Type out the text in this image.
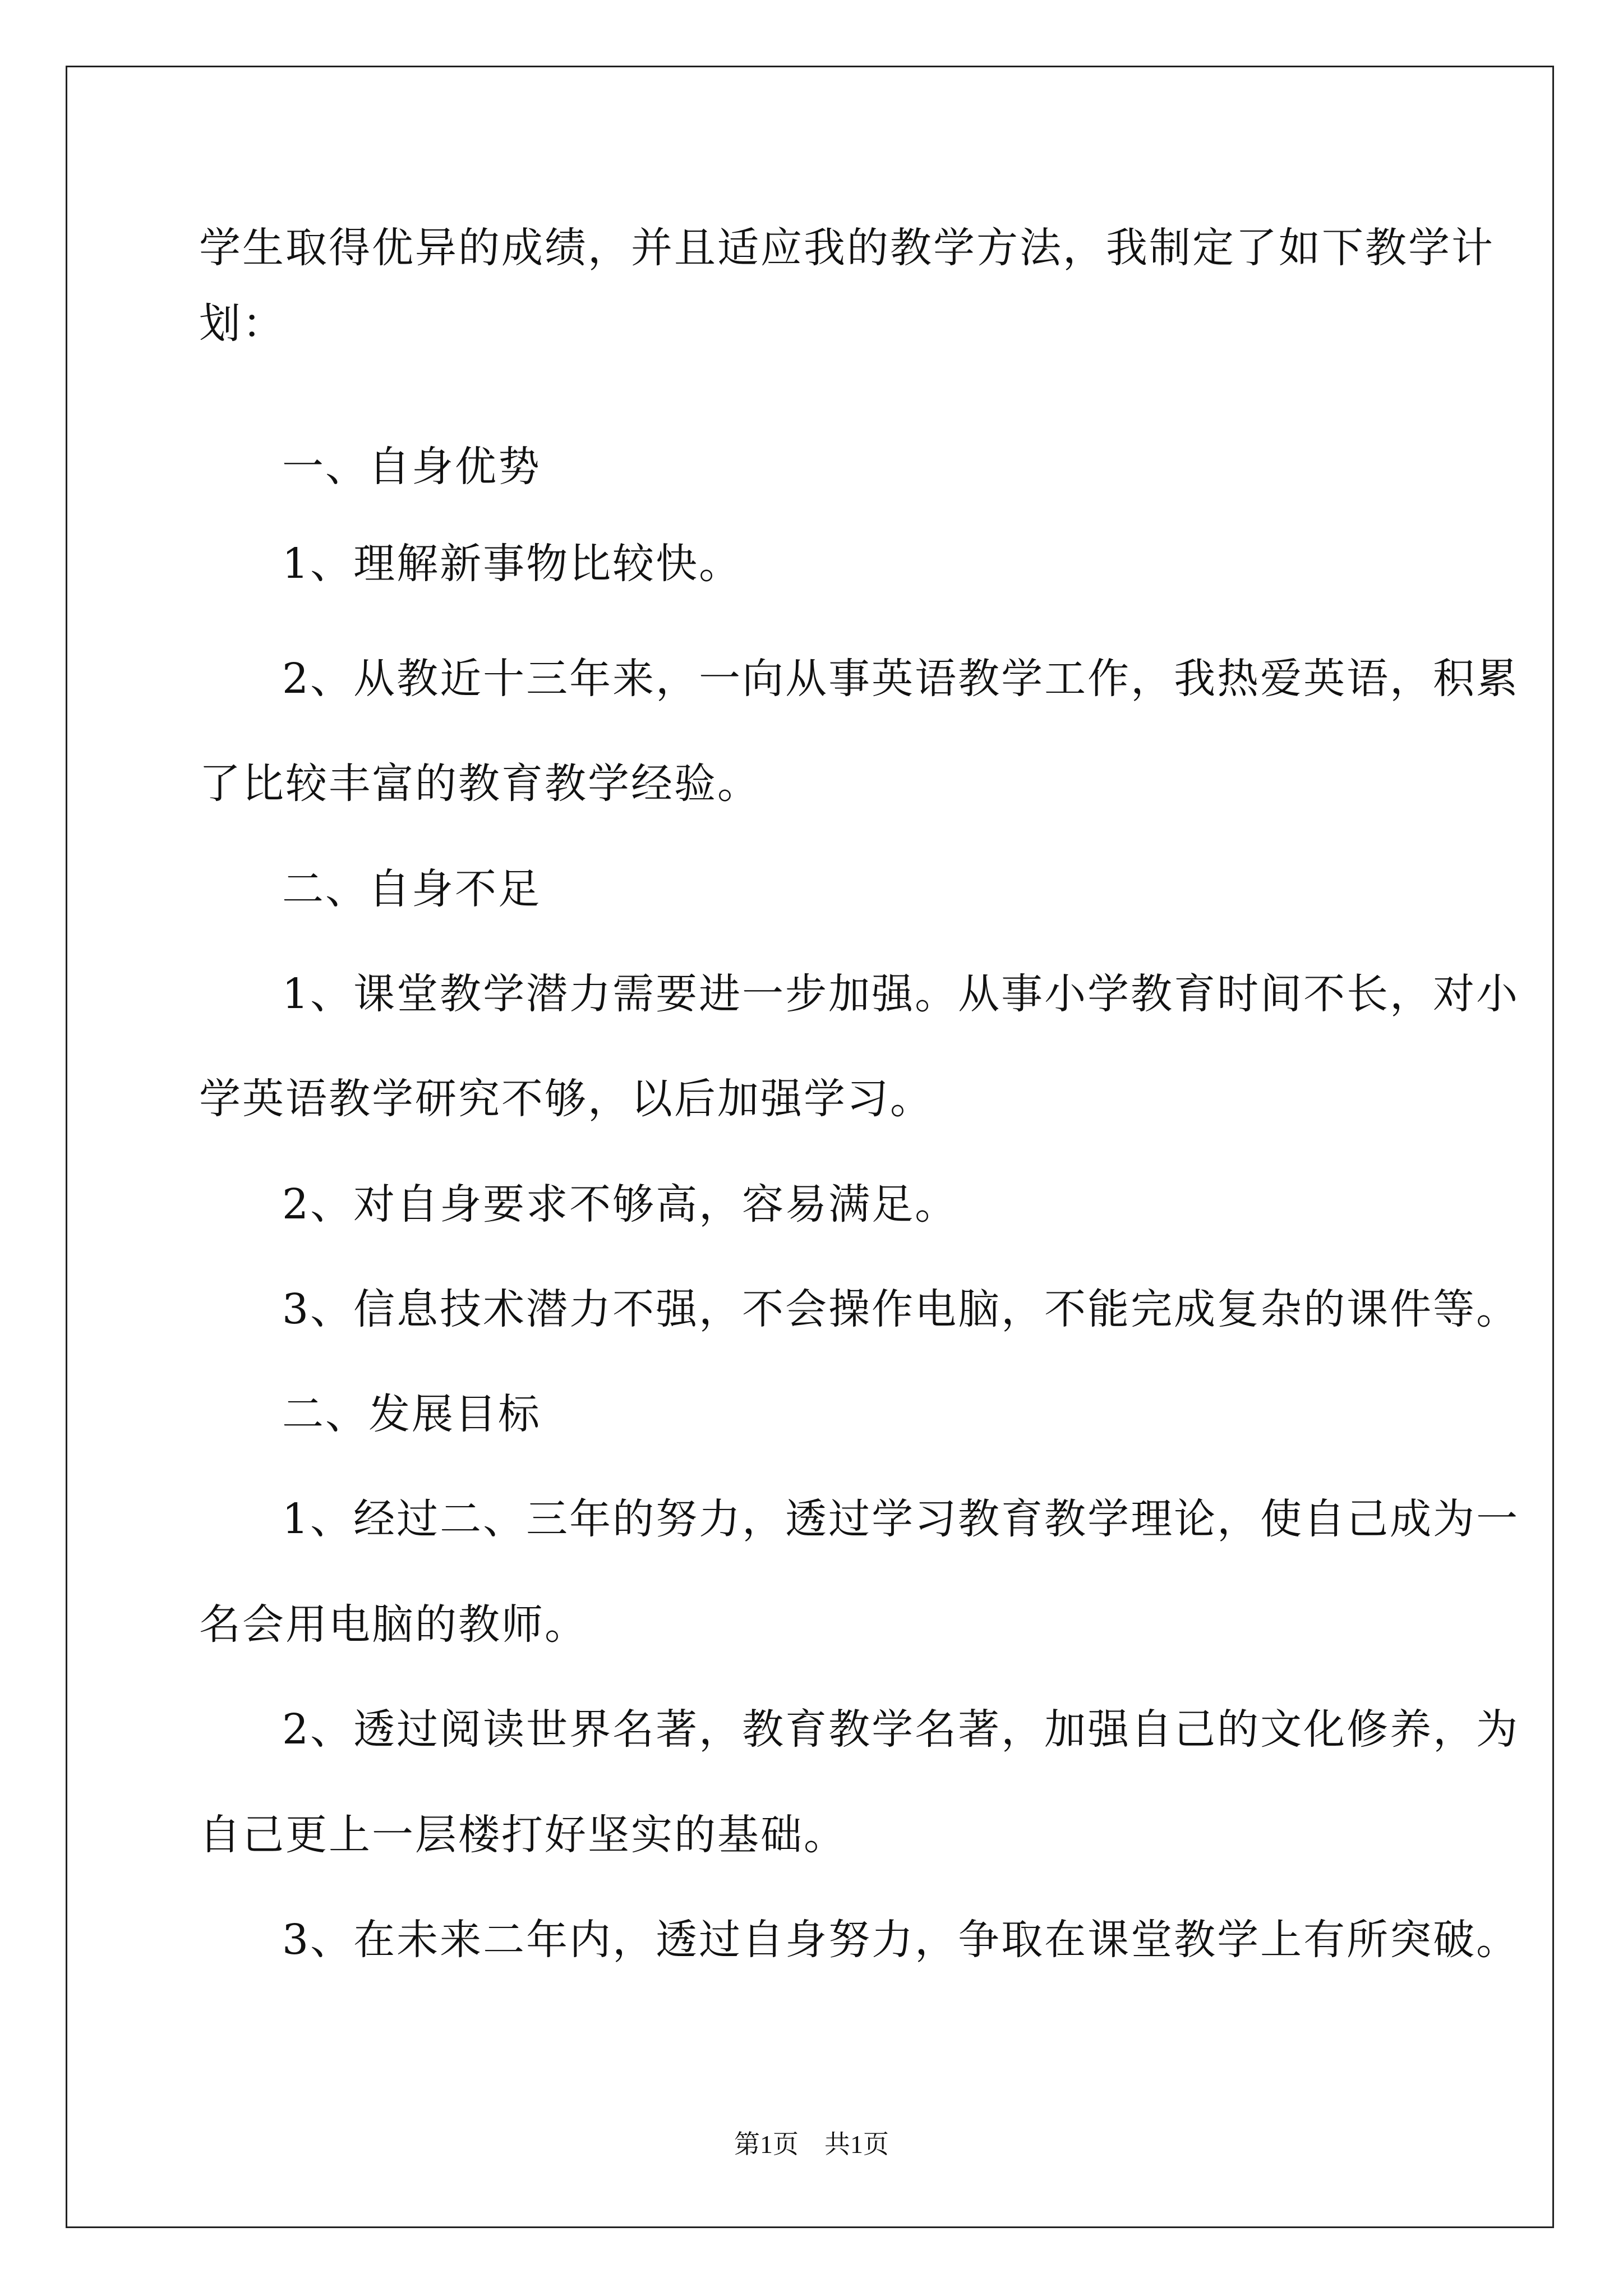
学生取得优异的成绩，并且适应我的教学方法，我制定了如下教学计
划：
一、自身优势
1、理解新事物比较快。
2、从教近十三年来，一向从事英语教学工作，我热爱英语，积累
了比较丰富的教育教学经验。
二、自身不足
1、课堂教学潜力需要进一步加强。从事小学教育时间不长，对小
学英语教学研究不够，以后加强学习。
2、对自身要求不够高，容易满足。
3、信息技术潜力不强，不会操作电脑，不能完成复杂的课件等。
二、发展目标
1、经过二、三年的努力，透过学习教育教学理论，使自己成为一
名会用电脑的教师。
2、透过阅读世界名著，教育教学名著，加强自己的文化修养，为
自己更上一层楼打好坚实的基础。
3、在未来二年内，透过自身努力，争取在课堂教学上有所突破。
第1页　共1页
